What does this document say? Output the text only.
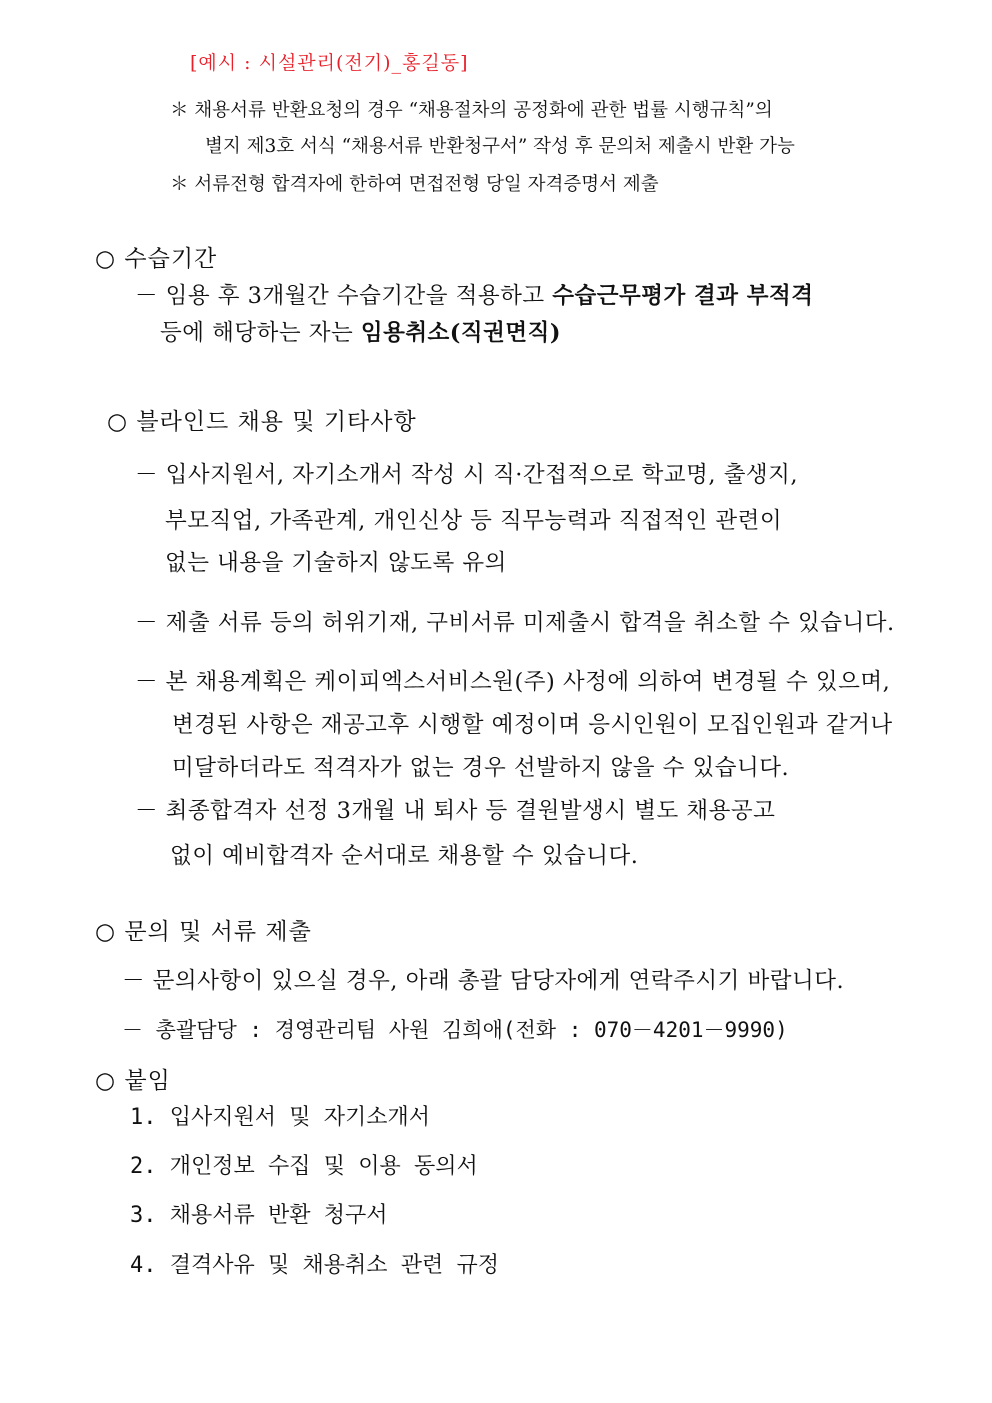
[예시 : 시설관리(전기)_홍길동]
＊ 채용서류 반환요청의 경우 “채용절차의 공정화에 관한 법률 시행규칙”의
별지 제3호 서식 “채용서류 반환청구서” 작성 후 문의처 제출시 반환 가능
＊ 서류전형 합격자에 한하여 면접전형 당일 자격증명서 제출
○ 수습기간
－ 임용 후 3개월간 수습기간을 적용하고 수습근무평가 결과 부적격
등에 해당하는 자는 임용취소(직권면직)
○ 블라인드 채용 및 기타사항
－ 입사지원서, 자기소개서 작성 시 직·간접적으로 학교명, 출생지,
부모직업, 가족관계, 개인신상 등 직무능력과 직접적인 관련이
없는 내용을 기술하지 않도록 유의
－ 제출 서류 등의 허위기재, 구비서류 미제출시 합격을 취소할 수 있습니다.
－ 본 채용계획은 케이피엑스서비스원(주) 사정에 의하여 변경될 수 있으며,
변경된 사항은 재공고후 시행할 예정이며 응시인원이 모집인원과 같거나
미달하더라도 적격자가 없는 경우 선발하지 않을 수 있습니다.
－ 최종합격자 선정 3개월 내 퇴사 등 결원발생시 별도 채용공고
없이 예비합격자 순서대로 채용할 수 있습니다.
○ 문의 및 서류 제출
－ 문의사항이 있으실 경우, 아래 총괄 담당자에게 연락주시기 바랍니다.
－ 총괄담당 : 경영관리팀 사원 김희애(전화 : 070－4201－9990)
○ 붙임
1. 입사지원서 및 자기소개서
2. 개인정보 수집 및 이용 동의서
3. 채용서류 반환 청구서
4. 결격사유 및 채용취소 관련 규정
